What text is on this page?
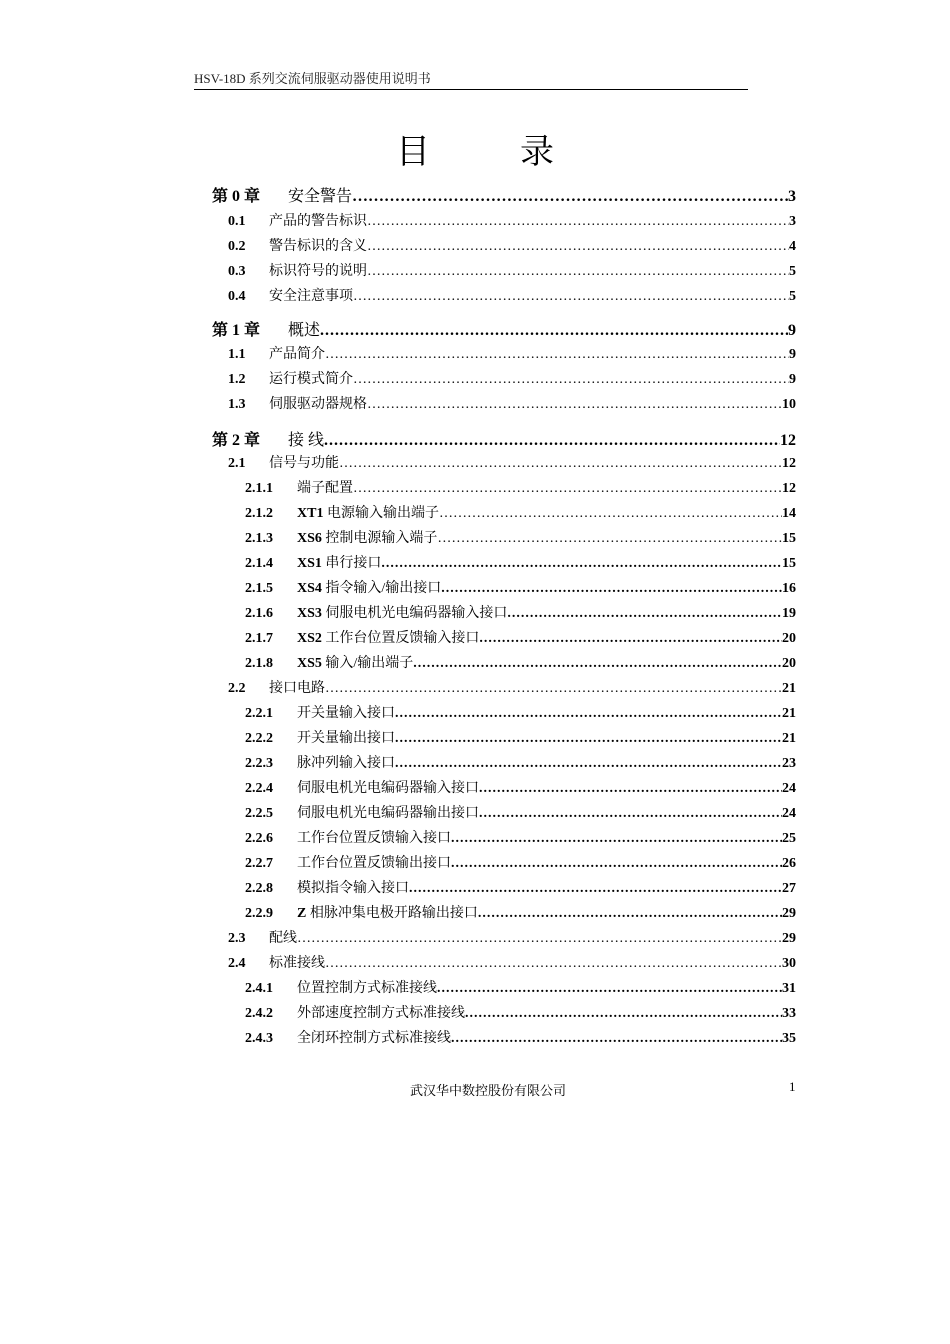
HSV-18D 系列交流伺服驱动器使用说明书
目	录
第 0 章	安全警告 ……………………………………………………………………………………………………………………………………………………………………………………………	3
0.1	产品的警告标识 ……………………………………………………………………………………………………………………………………………………………………………………………	3
0.2	警告标识的含义 ……………………………………………………………………………………………………………………………………………………………………………………………	4
0.3	标识符号的说明 ……………………………………………………………………………………………………………………………………………………………………………………………	5
0.4	安全注意事项 ……………………………………………………………………………………………………………………………………………………………………………………………	5
第 1 章	概述 .....	9
1.1	产品简介 ……………………………………………………………………………………………………………………………………………………………………………………………	9
1.2	运行模式简介 ……………………………………………………………………………………………………………………………………………………………………………………………	9
1.3	伺服驱动器规格 ……………………………………………………………………………………………………………………………………………………………………………………………	10
第 2 章	接 线 .....	12
2.1	信号与功能 ……………………………………………………………………………………………………………………………………………………………………………………………	12
2.1.1	端子配置 ……………………………………………………………………………………………………………………………………………………………………………………………	12
2.1.2	XT1 电源输入输出端子 ……………………………………………………………………………………………………………………………………………………………………………………………	14
2.1.3	XS6 控制电源输入端子 ……………………………………………………………………………………………………………………………………………………………………………………………	15
2.1.4	XS1 串行接口 .....	15
2.1.5	XS4 指令输入/输出接口 .....	16
2.1.6	XS3 伺服电机光电编码器输入接口 .....	19
2.1.7	XS2 工作台位置反馈输入接口 .....	20
2.1.8	XS5 输入/输出端子 .....	20
2.2	接口电路 ……………………………………………………………………………………………………………………………………………………………………………………………	21
2.2.1	开关量输入接口 .....	21
2.2.2	开关量输出接口 .....	21
2.2.3	脉冲列输入接口 .....	23
2.2.4	伺服电机光电编码器输入接口 .....	24
2.2.5	伺服电机光电编码器输出接口 .....	24
2.2.6	工作台位置反馈输入接口 .....	25
2.2.7	工作台位置反馈输出接口 .....	26
2.2.8	模拟指令输入接口 .....	27
2.2.9	Z 相脉冲集电极开路输出接口 .....	29
2.3	配线 ……………………………………………………………………………………………………………………………………………………………………………………………	29
2.4	标准接线 ……………………………………………………………………………………………………………………………………………………………………………………………	30
2.4.1	位置控制方式标准接线 .....	31
2.4.2	外部速度控制方式标准接线 .....	33
2.4.3	全闭环控制方式标准接线 .....	35
武汉华中数控股份有限公司	1
